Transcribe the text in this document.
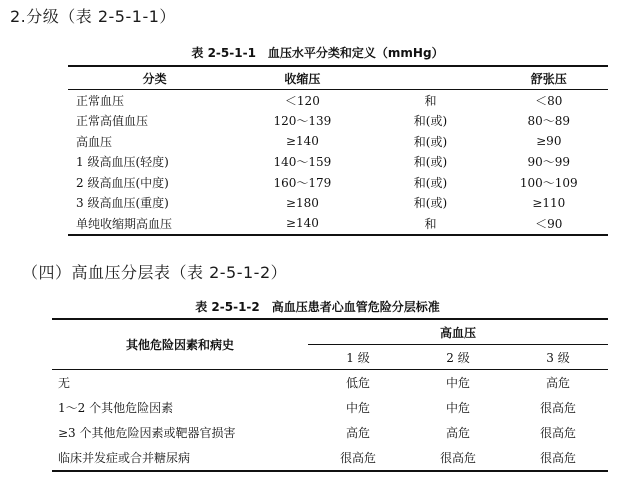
2.分级（表 2-5-1-1）
表 2-5-1-1　血压水平分类和定义（mmHg）
分类	收缩压		舒张压
正常血压	＜120	和	＜80
正常高值血压	120～139	和(或)	80～89
高血压	≥140	和(或)	≥90
1 级高血压(轻度)	140～159	和(或)	90～99
2 级高血压(中度)	160～179	和(或)	100～109
3 级高血压(重度)	≥180	和(或)	≥110
单纯收缩期高血压	≥140	和	＜90
（四）高血压分层表（表 2-5-1-2）
表 2-5-1-2　高血压患者心血管危险分层标准
其他危险因素和病史	高血压		
	1 级	2 级	3 级
无	低危	中危	高危
1～2 个其他危险因素	中危	中危	很高危
≥3 个其他危险因素或靶器官损害	高危	高危	很高危
临床并发症或合并糖尿病	很高危	很高危	很高危
